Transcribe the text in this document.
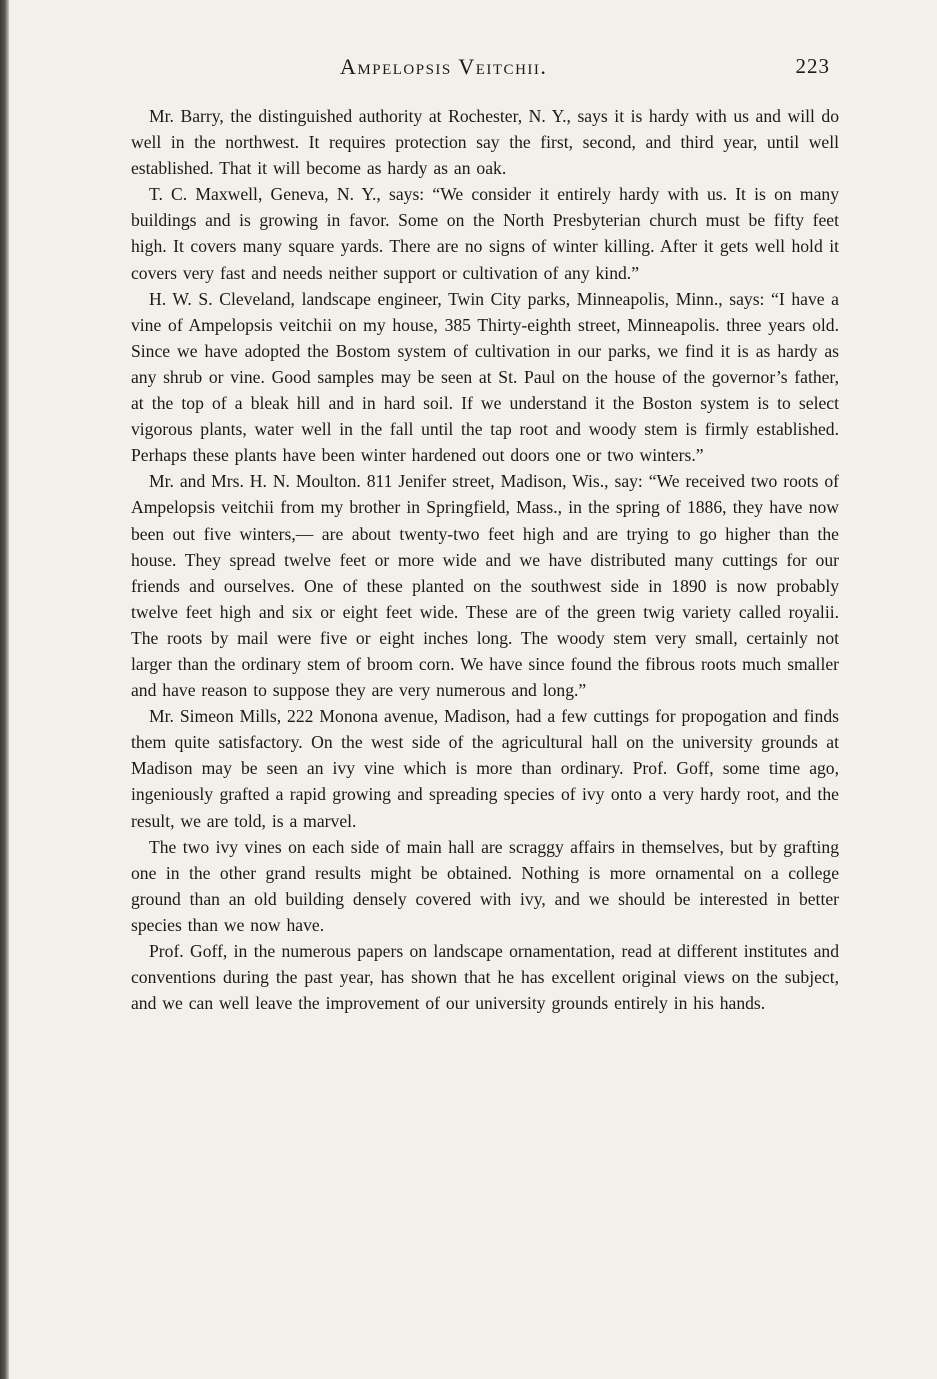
Ampelopsis Veitchii.	223

Mr. Barry, the distinguished authority at Rochester, N. Y., says it is hardy with us and will do well in the northwest. It requires protection say the first, second, and third year, until well established. That it will become as hardy as an oak.

T. C. Maxwell, Geneva, N. Y., says: “We consider it entirely hardy with us. It is on many buildings and is growing in favor. Some on the North Presbyterian church must be fifty feet high. It covers many square yards. There are no signs of winter killing. After it gets well hold it covers very fast and needs neither support or cultivation of any kind.”

H. W. S. Cleveland, landscape engineer, Twin City parks, Minneapolis, Minn., says: “I have a vine of Ampelopsis veitchii on my house, 385 Thirty-eighth street, Minneapolis. three years old. Since we have adopted the Bostom system of cultivation in our parks, we find it is as hardy as any shrub or vine. Good samples may be seen at St. Paul on the house of the governor’s father, at the top of a bleak hill and in hard soil. If we understand it the Boston system is to select vigorous plants, water well in the fall until the tap root and woody stem is firmly established. Perhaps these plants have been winter hardened out doors one or two winters.”

Mr. and Mrs. H. N. Moulton. 811 Jenifer street, Madison, Wis., say: “We received two roots of Ampelopsis veitchii from my brother in Springfield, Mass., in the spring of 1886, they have now been out five winters,— are about twenty-two feet high and are trying to go higher than the house. They spread twelve feet or more wide and we have distributed many cuttings for our friends and ourselves. One of these planted on the southwest side in 1890 is now probably twelve feet high and six or eight feet wide. These are of the green twig variety called royalii. The roots by mail were five or eight inches long. The woody stem very small, certainly not larger than the ordinary stem of broom corn. We have since found the fibrous roots much smaller and have reason to suppose they are very numerous and long.”

Mr. Simeon Mills, 222 Monona avenue, Madison, had a few cuttings for propogation and finds them quite satisfactory. On the west side of the agricultural hall on the university grounds at Madison may be seen an ivy vine which is more than ordinary. Prof. Goff, some time ago, ingeniously grafted a rapid growing and spreading species of ivy onto a very hardy root, and the result, we are told, is a marvel.

The two ivy vines on each side of main hall are scraggy affairs in themselves, but by grafting one in the other grand results might be obtained. Nothing is more ornamental on a college ground than an old building densely covered with ivy, and we should be interested in better species than we now have.

Prof. Goff, in the numerous papers on landscape ornamentation, read at different institutes and conventions during the past year, has shown that he has excellent original views on the subject, and we can well leave the improvement of our university grounds entirely in his hands.
